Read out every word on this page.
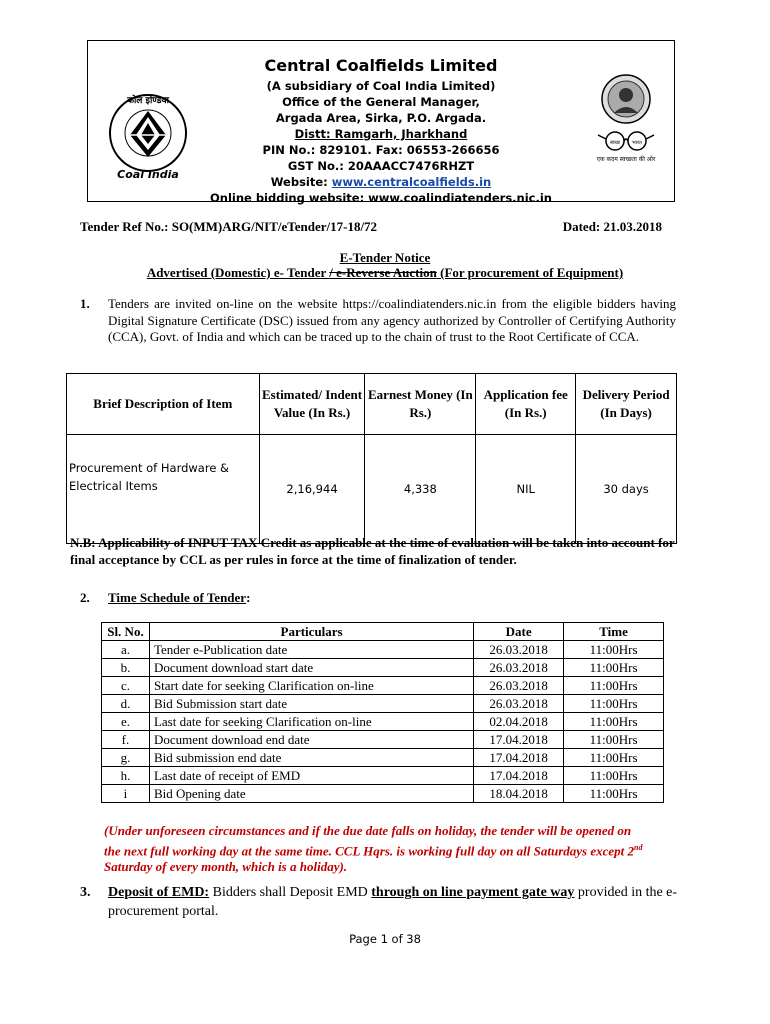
कोल इण्डिया
Coal India
Central Coalfields Limited
(A subsidiary of Coal India Limited)
Office of the General Manager,
Argada Area, Sirka, P.O. Argada.
Distt: Ramgarh, Jharkhand
PIN No.: 829101. Fax: 06553-266656
GST No.: 20AAACC7476RHZT
Website: www.centralcoalfields.in
Online bidding website: www.coalindiatenders.nic.in
स्वच्छ भारत
एक कदम स्वच्छता की ओर
Tender Ref No.: SO(MM)ARG/NIT/eTender/17-18/72	Dated: 21.03.2018
E-Tender Notice
Advertised (Domestic) e- Tender / e-Reverse Auction (For procurement of Equipment)
1. Tenders are invited on-line on the website https://coalindiatenders.nic.in from the eligible bidders having Digital Signature Certificate (DSC) issued from any agency authorized by Controller of Certifying Authority (CCA), Govt. of India and which can be traced up to the chain of trust to the Root Certificate of CCA.
Brief Description of Item	Estimated/ Indent Value (In Rs.)	Earnest Money (In Rs.)	Application fee (In Rs.)	Delivery Period (In Days)
Procurement of Hardware & Electrical Items	2,16,944	4,338	NIL	30 days
N.B: Applicability of INPUT TAX Credit as applicable at the time of evaluation will be taken into account for final acceptance by CCL as per rules in force at the time of finalization of tender.
2. Time Schedule of Tender:
Sl. No.	Particulars	Date	Time
a.	Tender e-Publication date	26.03.2018	11:00Hrs
b.	Document download start date	26.03.2018	11:00Hrs
c.	Start date for seeking Clarification on-line	26.03.2018	11:00Hrs
d.	Bid Submission start date	26.03.2018	11:00Hrs
e.	Last date for seeking Clarification on-line	02.04.2018	11:00Hrs
f.	Document download end date	17.04.2018	11:00Hrs
g.	Bid submission end date	17.04.2018	11:00Hrs
h.	Last date of receipt of EMD	17.04.2018	11:00Hrs
i	Bid Opening date	18.04.2018	11:00Hrs
(Under unforeseen circumstances and if the due date falls on holiday, the tender will be opened on the next full working day at the same time. CCL Hqrs. is working full day on all Saturdays except 2nd Saturday of every month, which is a holiday).
3. Deposit of EMD: Bidders shall Deposit EMD through on line payment gate way provided in the e-procurement portal.
Page 1 of 38
